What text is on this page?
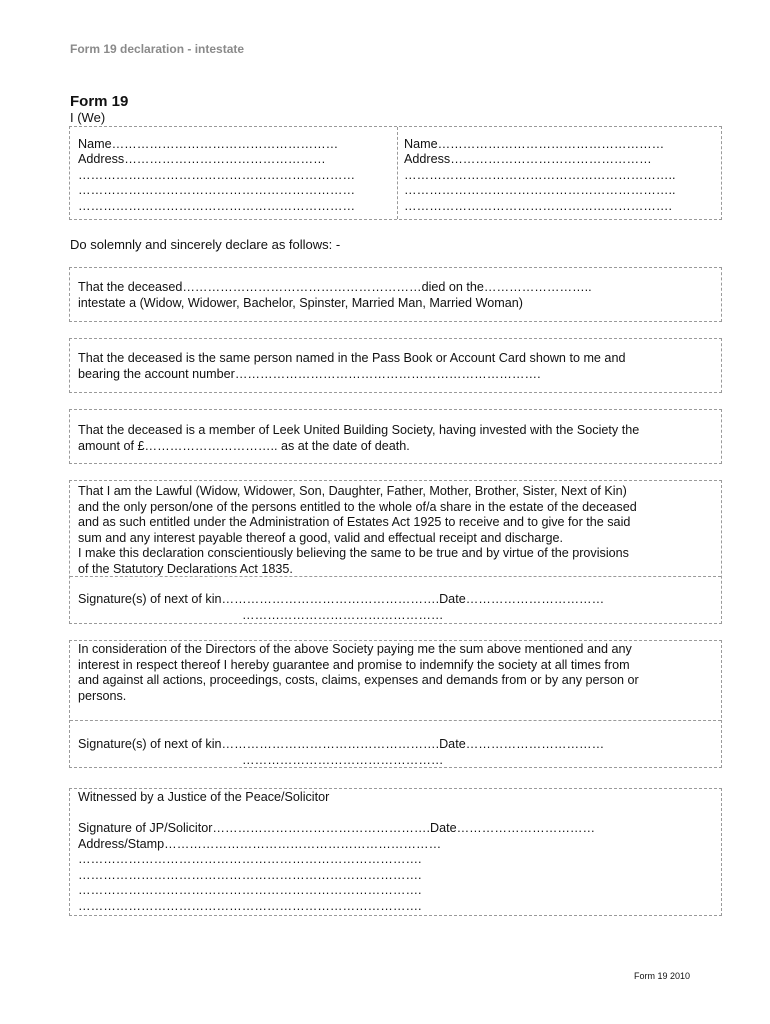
Form 19 declaration - intestate
Form 19
I (We)
Name………………………………………………
Address…………………………………………
…………………………………………………………
…………………………………………………………
…………………………………………………………
Name………………………………………………
Address…………………………………………
………………………………………………………..
………………………………………………………..
……………………………………………………….
Do solemnly and sincerely declare as follows: -
That the deceased…………………………………………………died on the……………………..
intestate a (Widow, Widower, Bachelor, Spinster, Married Man, Married Woman)
That the deceased is the same person named in the Pass Book or Account Card shown to me and
bearing the account number……………………………………………………………….
That the deceased is a member of Leek United Building Society, having invested with the Society the
amount of £………………………….. as at the date of death.
That I am the Lawful (Widow, Widower, Son, Daughter, Father, Mother, Brother, Sister, Next of Kin)
and the only person/one of the persons entitled to the whole of/a share in the estate of the deceased
and as such entitled under the Administration of Estates Act 1925 to receive and to give for the said
sum and any interest payable thereof a good, valid and effectual receipt and discharge.
I make this declaration conscientiously believing the same to be true and by virtue of the provisions
of the Statutory Declarations Act 1835.
Signature(s) of next of kin…………………………………………….Date……………………………
…………………………………………
In consideration of the Directors of the above Society paying me the sum above mentioned and any
interest in respect thereof I hereby guarantee and promise to indemnify the society at all times from
and against all actions, proceedings, costs, claims, expenses and demands from or by any person or
persons.
Signature(s) of next of kin…………………………………………….Date……………………………
…………………………………………
Witnessed by a Justice of the Peace/Solicitor
Signature of JP/Solicitor…………………………………………….Date……………………………
Address/Stamp…………………………………………………………
……………………………………………………………………….
……………………………………………………………………….
……………………………………………………………………….
……………………………………………………………………….
Form 19 2010
